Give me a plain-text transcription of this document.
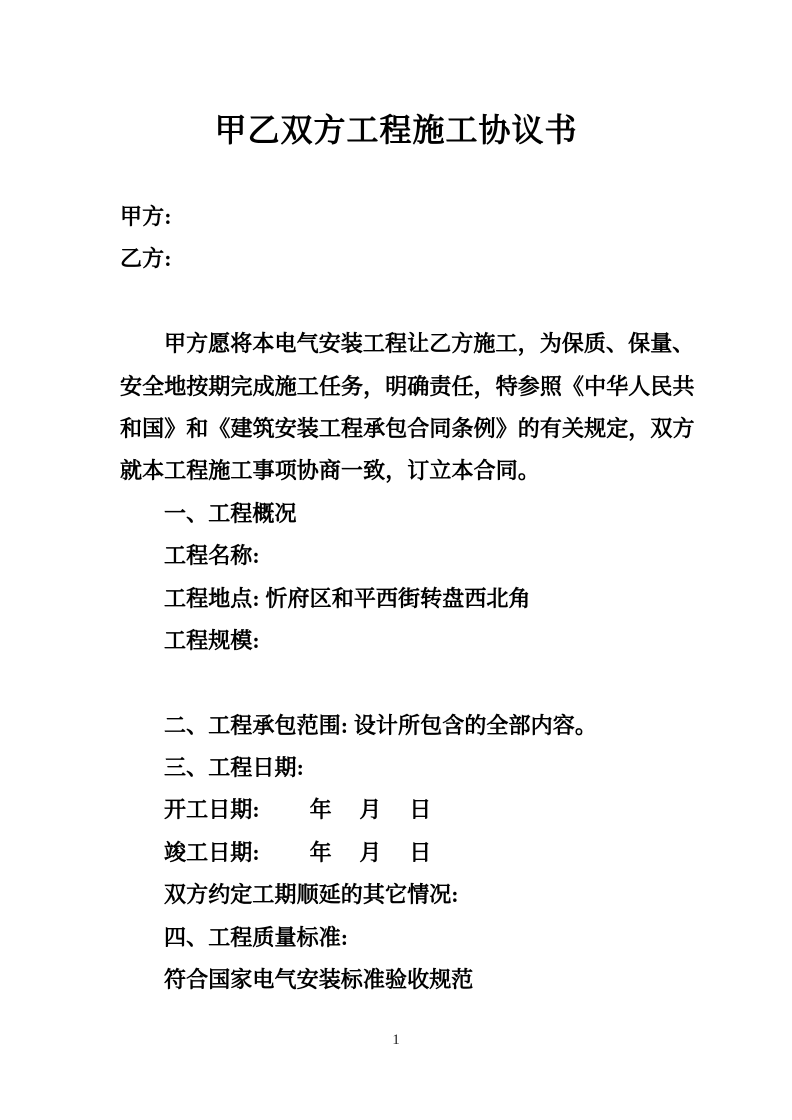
甲乙双方工程施工协议书
甲方:
乙方:
甲方愿将本电气安装工程让乙方施工，为保质、保量、
安全地按期完成施工任务，明确责任，特参照《中华人民共
和国》和《建筑安装工程承包合同条例》的有关规定，双方
就本工程施工事项协商一致，订立本合同。
一、工程概况
工程名称:
工程地点: 忻府区和平西街转盘西北角
工程规模:
二、工程承包范围: 设计所包含的全部内容。
三、工程日期:
开工日期:　　 年　 月　 日
竣工日期:　　 年　 月　 日
双方约定工期顺延的其它情况:
四、工程质量标准:
符合国家电气安装标准验收规范
1
